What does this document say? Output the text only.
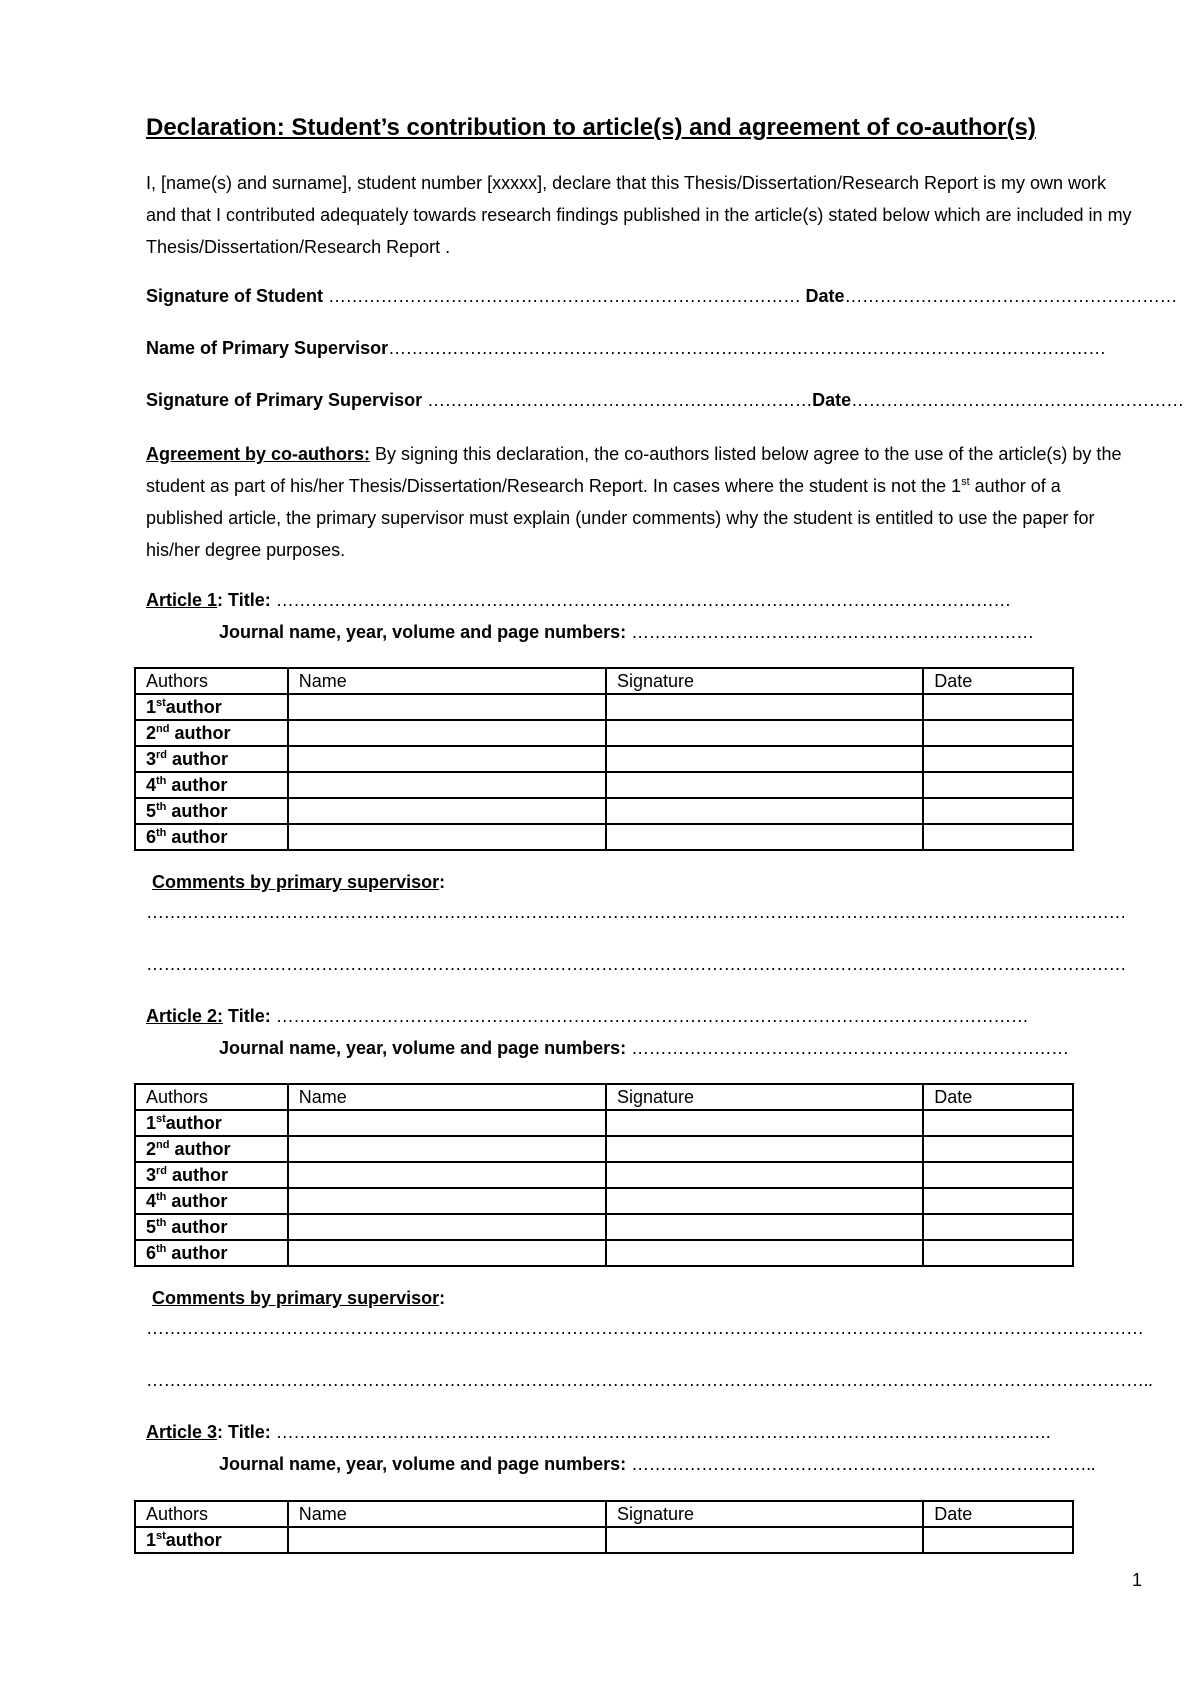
Declaration: Student’s contribution to article(s) and agreement of co-author(s)
I, [name(s) and surname], student number [xxxxx], declare that this Thesis/Dissertation/Research Report is my own work and that I contributed adequately towards research findings published in the article(s) stated below which are included in my Thesis/Dissertation/Research Report .
Signature of Student ……………………………………………………………………… Date…………………………………………………
Name of Primary Supervisor……………………………………………………………………………………………………………
Signature of Primary Supervisor …………………………………………………………Date…………………………………………………
Agreement by co-authors: By signing this declaration, the co-authors listed below agree to the use of the article(s) by the student as part of his/her Thesis/Dissertation/Research Report. In cases where the student is not the 1st author of a published article, the primary supervisor must explain (under comments) why the student is entitled to use the paper for his/her degree purposes.
Article 1: Title: ………………………………………………………………………………………………………………
Journal name, year, volume and page numbers: ……………………………………………………………
Authors	Name	Signature	Date
1stauthor			
2nd author			
3rd author			
4th author			
5th author			
6th author			
Comments by primary supervisor:
……………………………………………………………………………………………………………………………………………………
……………………………………………………………………………………………………………………………………………………
Article 2: Title: …………………………………………………………………………………………………………………
Journal name, year, volume and page numbers: …………………………………………………………………
Authors	Name	Signature	Date
1stauthor			
2nd author			
3rd author			
4th author			
5th author			
6th author			
Comments by primary supervisor:
………………………………………………………………………………………………………………………………………………………
………………………………………………………………………………………………………………………………………………………..
Article 3: Title: …………………………………………………………………………………………………………………….
Journal name, year, volume and page numbers: ……………………………………………………………………..
Authors	Name	Signature	Date
1stauthor			
1
